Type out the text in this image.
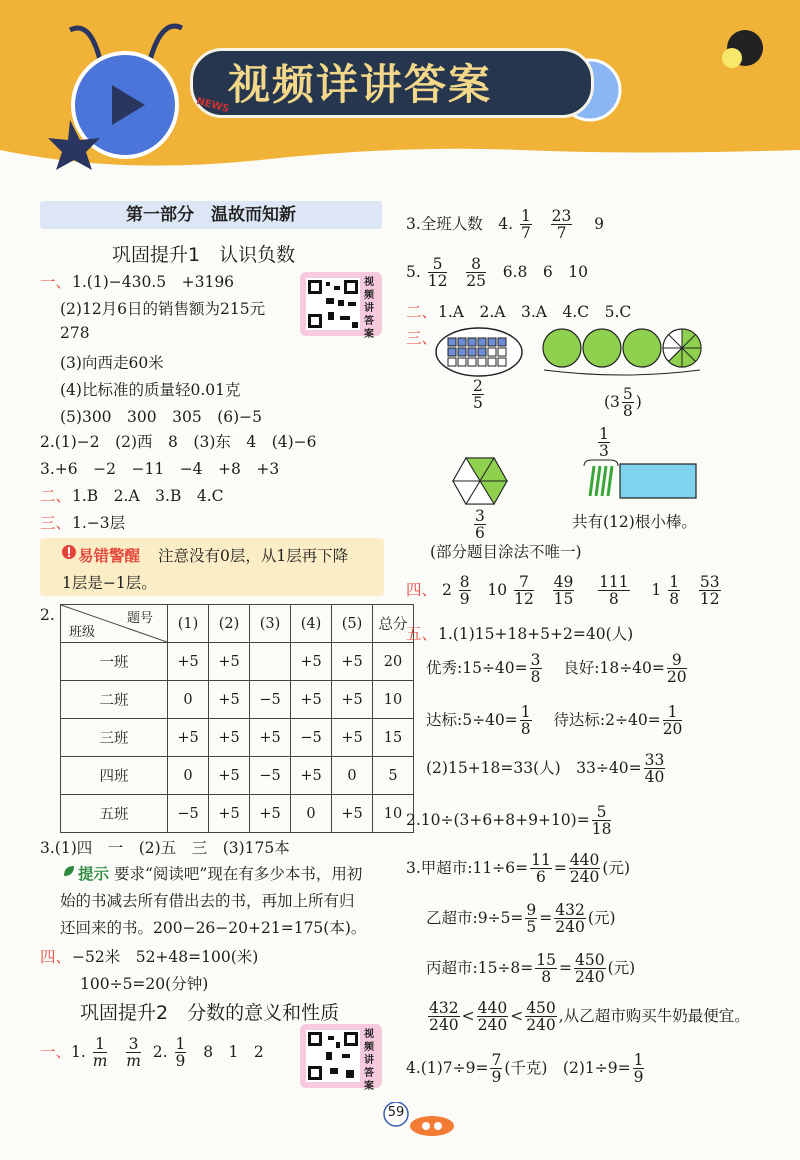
视频详讲答案
NEWS
第一部分　温故而知新
巩固提升1　认识负数
一、 1.(1)−430.5　+3196
(2)12月6日的销售额为215元
278
(3)向西走60米
(4)比标准的质量轻0.01克
(5)300　300　305　(6)−5
视频讲答案
2.(1)−2　(2)西　8　(3)东　4　(4)−6
3.+6　−2　−11　−4　+8　+3
二、 1.B　2.A　3.B　4.C
三、 1.−3层
易错警醒 注意没有0层，从1层再下降
1层是−1层。
2.	题号
班级	(1)	(2)	(3)	(4)	(5)	总分
一班	+5	+5		+5	+5	20
二班	0	+5	−5	+5	+5	10
三班	+5	+5	+5	−5	+5	15
四班	0	+5	−5	+5	0	5
五班	−5	+5	+5	0	+5	10
3.(1)四　一　(2)五　三　(3)175本
提示 要求“阅读吧”现在有多少本书，用初
始的书减去所有借出去的书，再加上所有归
还回来的书。200−26−20+21=175(本)。
四、 −52米　52+48=100(米)
100÷5=20(分钟)
巩固提升2　分数的意义和性质
一、1. $\frac{1}{m}$
$\frac{3}{m} 2$. $\frac{1}{9} 8$　1　2
视频讲答案
3.全班人数　4. $\frac{1}{7}$
$\frac{23}{7} 9$
5. $\frac{5}{12}$
$\frac{8}{25} 6.8$　6　10
二、 1.A　2.A　3.A　4.C　5.C
三、
$\frac{2}{5}$	($3 \frac{5}{8}$ )
$\frac{3}{6}$
$\frac{1}{3}$
共有(12)根小棒。
(部分题目涂法不唯一)
四、 $2 \frac{8}{9} 10 \frac{7}{12}$
$\frac{49}{15}$
$\frac{111}{8} 1 \frac{1}{8}$
$\frac{53}{12}$
五、 1.(1)15+18+5+2=40(人)
优秀:15÷40= $\frac{3}{8}$ 良好:18÷40= $\frac{9}{20}$
达标:5÷40= $\frac{1}{8}$ 待达标:2÷40= $\frac{1}{20}$
(2)15+18=33(人)　$33\div 40= \frac{33}{40}$
$2.10\div(3+6+8+9+10)= \frac{5}{18}$
3.甲超市:11÷6= $\frac{11}{6} = \frac{440}{240}$ (元)
乙超市:9÷5= $\frac{9}{5} = \frac{432}{240}$ (元)
丙超市:15÷8= $\frac{15}{8} = \frac{450}{240}$ (元)
$\frac{432}{240} < \frac{440}{240} < \frac{450}{240}$ ,从乙超市购买牛奶最便宜。
$4.(1)7\div 9= \frac{7}{9}$ (千克)　$(2)1\div 9= \frac{1}{9}$
59
